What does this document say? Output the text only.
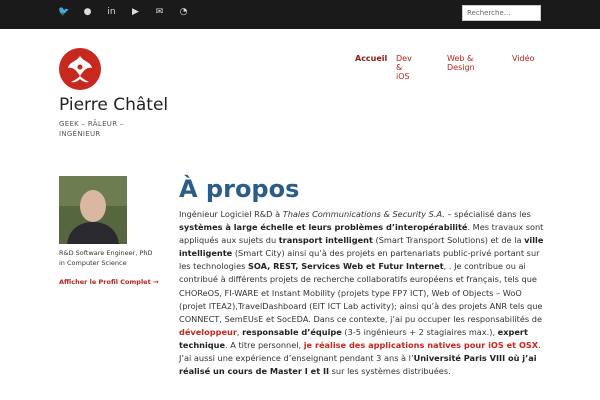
🐦 ● in ▶ ✉ ◔	Recherche...
Pierre Châtel
GEEK – RÂLEUR – INGÉNIEUR
Accueil Dev & iOS
Web & Design
Vidéo
R&D Software Engineer, PhD in Computer Science
Afficher le Profil Complet →
À propos
Ingénieur Logiciel R&D à Thales Communications & Security S.A. – spécialisé dans les systèmes à large échelle et leurs problèmes d’interopérabilité. Mes travaux sont appliqués aux sujets du transport intelligent (Smart Transport Solutions) et de la ville intelligente (Smart City) ainsi qu’à des projets en partenariats public-privé portant sur les technologies SOA, REST, Services Web et Futur Internet, . Je contribue ou ai contribué à différents projets de recherche collaboratifs européens et français, tels que CHOReOS, FI-WARE et Instant Mobility (projets type FP7 ICT), Web of Objects – WoO (projet ITEA2),TravelDashboard (EIT ICT Lab activity); ainsi qu’à des projets ANR tels que CONNECT, SemEUsE et SocEDA. Dans ce contexte, j’ai pu occuper les responsabilités de développeur, responsable d’équipe (3-5 ingénieurs + 2 stagiaires max.), expert technique. A titre personnel, je réalise des applications natives pour iOS et OSX. J’ai aussi une expérience d’enseignant pendant 3 ans à l’Université Paris VIII où j’ai réalisé un cours de Master I et II sur les systèmes distribuées.
